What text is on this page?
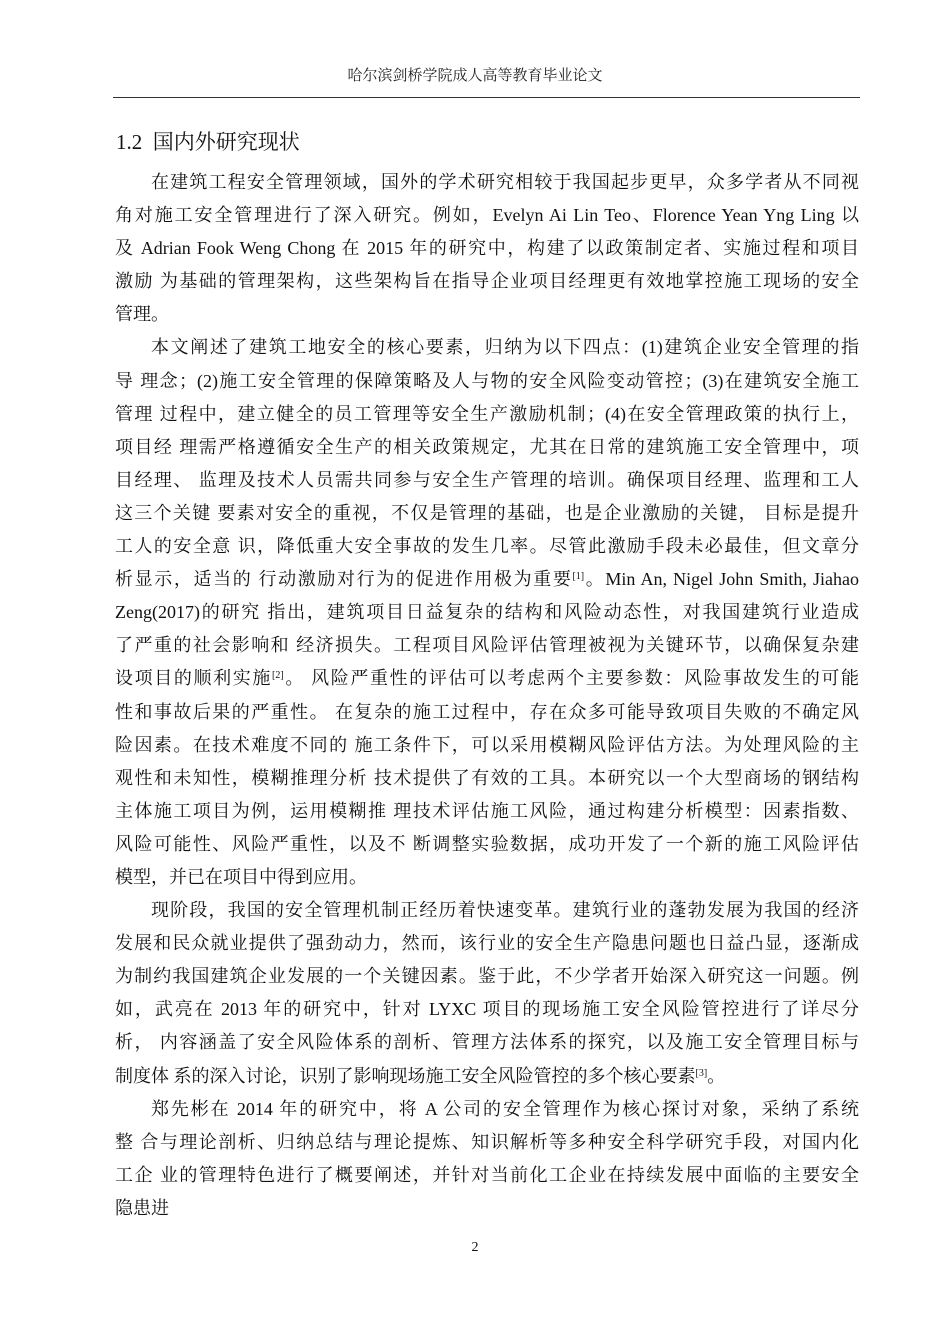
哈尔滨剑桥学院成人高等教育毕业论文
1.2 国内外研究现状
在建筑工程安全管理领域，国外的学术研究相较于我国起步更早，众多学者从不同视
角对施工安全管理进行了深入研究。例如，Evelyn Ai Lin Teo、Florence Yean Yng Ling 以
及 Adrian Fook Weng Chong 在 2015 年的研究中，构建了以政策制定者、实施过程和项目
激励 为基础的管理架构，这些架构旨在指导企业项目经理更有效地掌控施工现场的安全
管理。
本文阐述了建筑工地安全的核心要素，归纳为以下四点：(1)建筑企业安全管理的指
导 理念；(2)施工安全管理的保障策略及人与物的安全风险变动管控；(3)在建筑安全施工
管理 过程中，建立健全的员工管理等安全生产激励机制；(4)在安全管理政策的执行上，
项目经 理需严格遵循安全生产的相关政策规定，尤其在日常的建筑施工安全管理中，项
目经理、 监理及技术人员需共同参与安全生产管理的培训。确保项目经理、监理和工人
这三个关键 要素对安全的重视，不仅是管理的基础，也是企业激励的关键， 目标是提升
工人的安全意 识，降低重大安全事故的发生几率。尽管此激励手段未必最佳，但文章分
析显示，适当的 行动激励对行为的促进作用极为重要[1]。Min An, Nigel John Smith, Jiahao
Zeng(2017)的研究 指出，建筑项目日益复杂的结构和风险动态性，对我国建筑行业造成
了严重的社会影响和 经济损失。工程项目风险评估管理被视为关键环节，以确保复杂建
设项目的顺利实施[2]。 风险严重性的评估可以考虑两个主要参数：风险事故发生的可能
性和事故后果的严重性。 在复杂的施工过程中，存在众多可能导致项目失败的不确定风
险因素。在技术难度不同的 施工条件下，可以采用模糊风险评估方法。为处理风险的主
观性和未知性，模糊推理分析 技术提供了有效的工具。本研究以一个大型商场的钢结构
主体施工项目为例，运用模糊推 理技术评估施工风险，通过构建分析模型：因素指数、
风险可能性、风险严重性，以及不 断调整实验数据，成功开发了一个新的施工风险评估
模型，并已在项目中得到应用。
现阶段，我国的安全管理机制正经历着快速变革。建筑行业的蓬勃发展为我国的经济
发展和民众就业提供了强劲动力，然而，该行业的安全生产隐患问题也日益凸显，逐渐成
为制约我国建筑企业发展的一个关键因素。鉴于此，不少学者开始深入研究这一问题。例
如，武亮在 2013 年的研究中，针对 LYXC 项目的现场施工安全风险管控进行了详尽分
析， 内容涵盖了安全风险体系的剖析、管理方法体系的探究，以及施工安全管理目标与
制度体 系的深入讨论，识别了影响现场施工安全风险管控的多个核心要素[3]。
郑先彬在 2014 年的研究中，将 A 公司的安全管理作为核心探讨对象，采纳了系统
整 合与理论剖析、归纳总结与理论提炼、知识解析等多种安全科学研究手段，对国内化
工企 业的管理特色进行了概要阐述，并针对当前化工企业在持续发展中面临的主要安全
隐患进
2
